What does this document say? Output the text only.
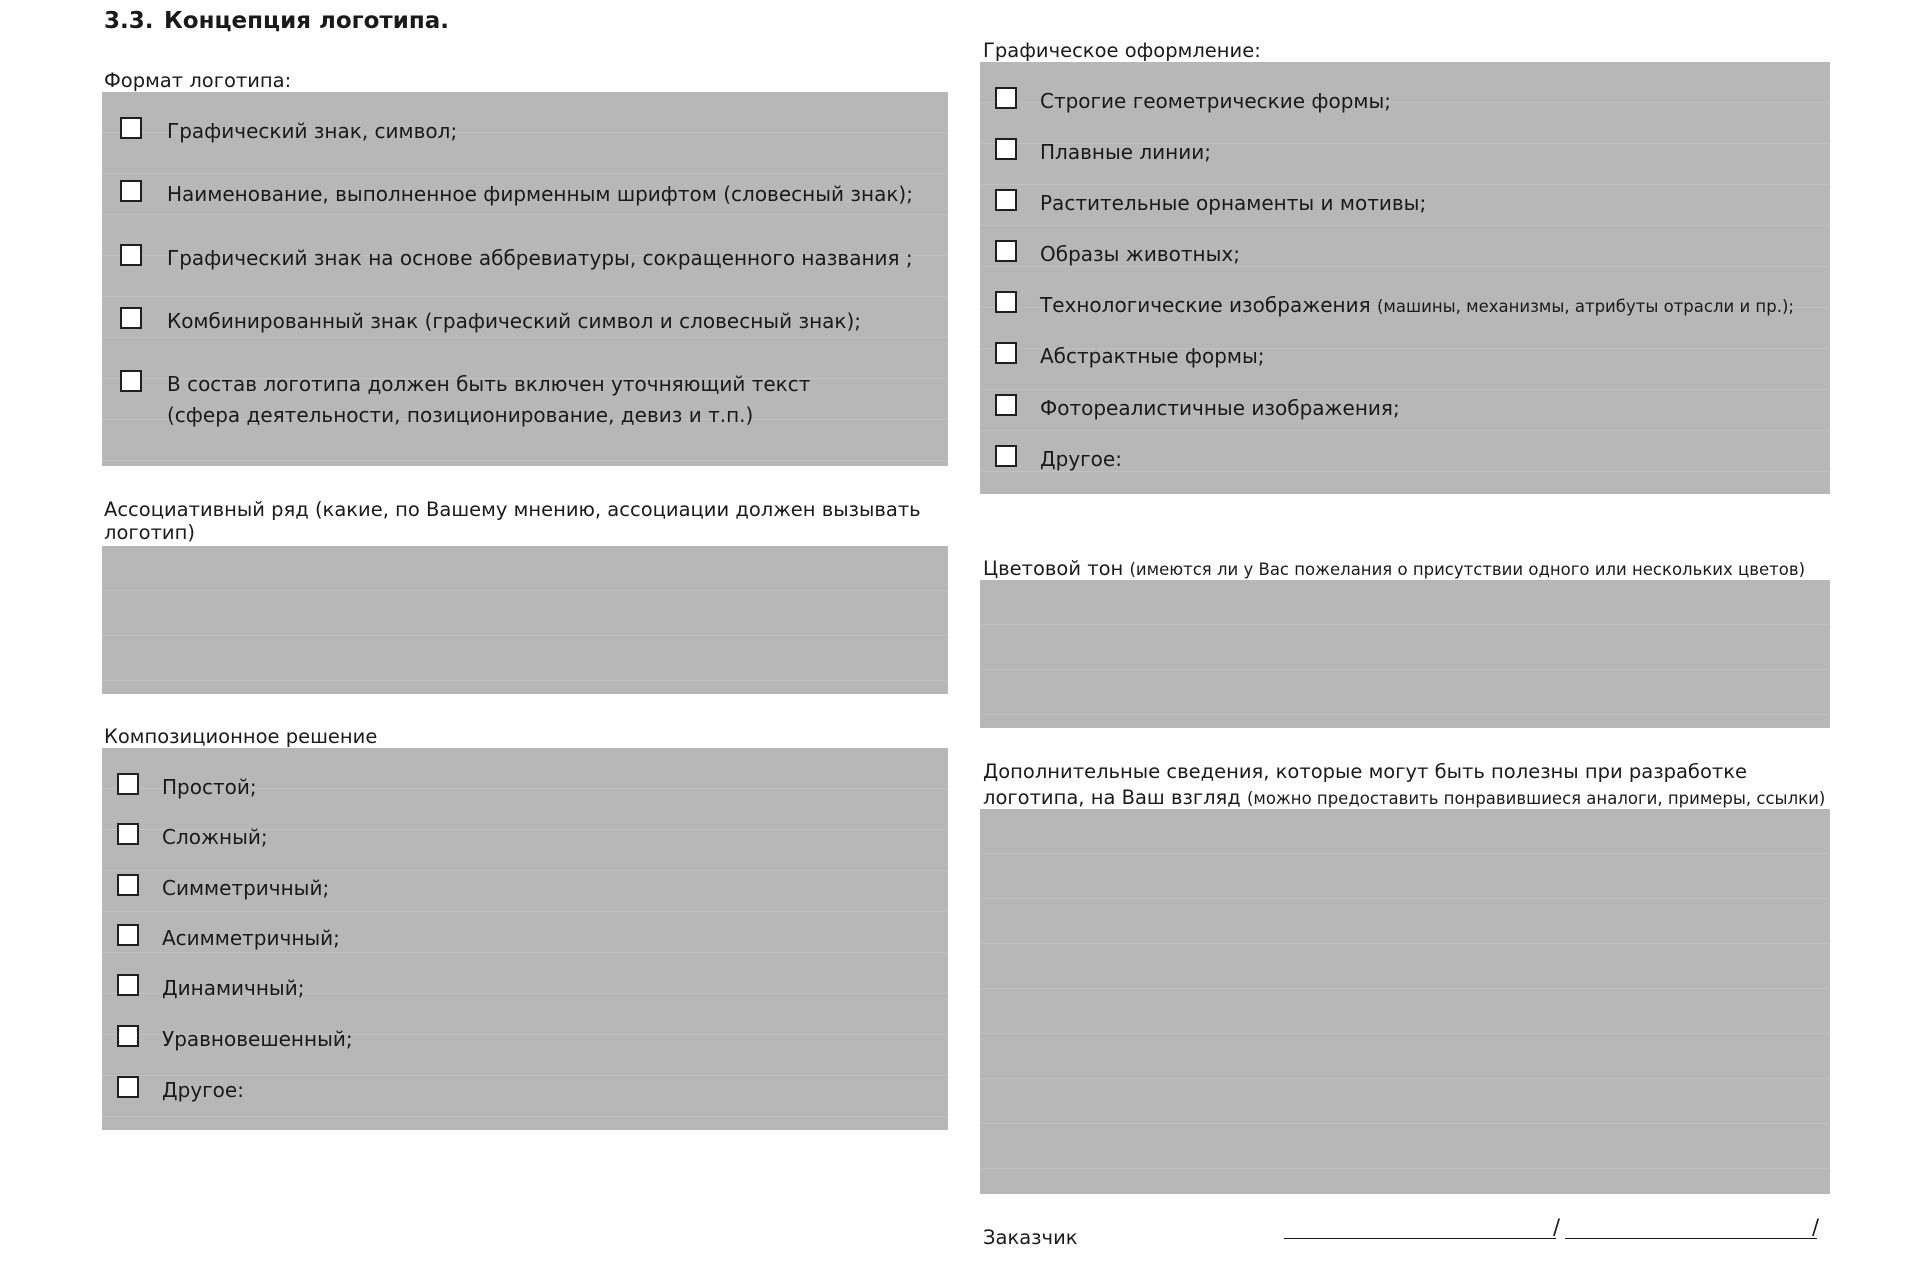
3.3. Концепция логотипа.
Формат логотипа:
Графический знак, символ;
Наименование, выполненное фирменным шрифтом (словесный знак);
Графический знак на основе аббревиатуры, сокращенного названия ;
Комбинированный знак (графический символ и словесный знак);
В состав логотипа должен быть включен уточняющий текст (сфера деятельности, позиционирование, девиз и т.п.)
Ассоциативный ряд (какие, по Вашему мнению, ассоциации должен вызывать логотип)
Композиционное решение
Простой;
Сложный;
Симметричный;
Асимметричный;
Динамичный;
Уравновешенный;
Другое:
Графическое оформление:
Строгие геометрические формы;
Плавные линии;
Растительные орнаменты и мотивы;
Образы животных;
Технологические изображения (машины, механизмы, атрибуты отрасли и пр.);
Абстрактные формы;
Фотореалистичные изображения;
Другое:
Цветовой тон (имеются ли у Вас пожелания о присутствии одного или нескольких цветов)
Дополнительные сведения, которые могут быть полезны при разработке
логотипа, на Ваш взгляд (можно предоставить понравившиеся аналоги, примеры, ссылки)
Заказчик	/	/
